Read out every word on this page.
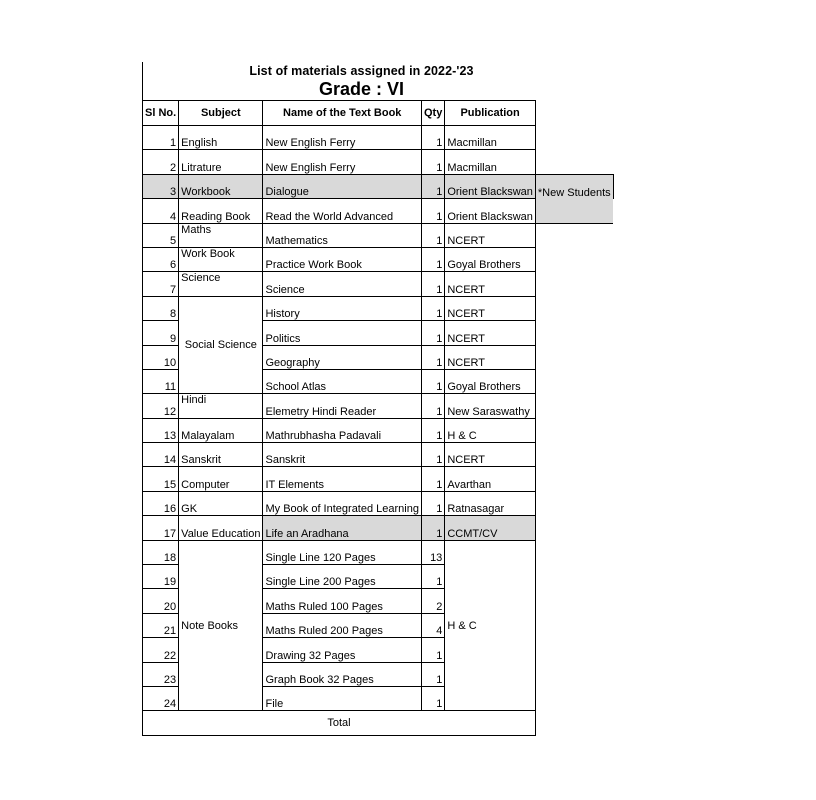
List of materials assigned in 2022-'23
Grade : VI
Sl No.	Subject	Name of the Text Book	Qty	Publication	
1	English	New English Ferry	1	Macmillan	
2	Litrature	New English Ferry	1	Macmillan	
3	Workbook	Dialogue	1	Orient Blackswan	*New Students
4	Reading Book	Read the World Advanced	1	Orient Blackswan	
5	Maths	Mathematics	1	NCERT	
6	Work Book	Practice Work Book	1	Goyal Brothers	
7	Science	Science	1	NCERT	
8	Social Science	History	1	NCERT	
9		Politics	1	NCERT	
10		Geography	1	NCERT	
11		School Atlas	1	Goyal Brothers	
12	Hindi	Elemetry Hindi Reader	1	New Saraswathy	
13	Malayalam	Mathrubhasha Padavali	1	H & C	
14	Sanskrit	Sanskrit	1	NCERT	
15	Computer	IT Elements	1	Avarthan	
16	GK	My Book of Integrated Learning	1	Ratnasagar	
17	Value Education	Life an Aradhana	1	CCMT/CV	
18	Note Books	Single Line 120 Pages	13	H & C	
19		Single Line 200 Pages	1		
20		Maths Ruled 100 Pages	2		
21		Maths Ruled 200 Pages	4		
22		Drawing 32 Pages	1		
23		Graph Book 32 Pages	1		
24		File	1		
Total					
